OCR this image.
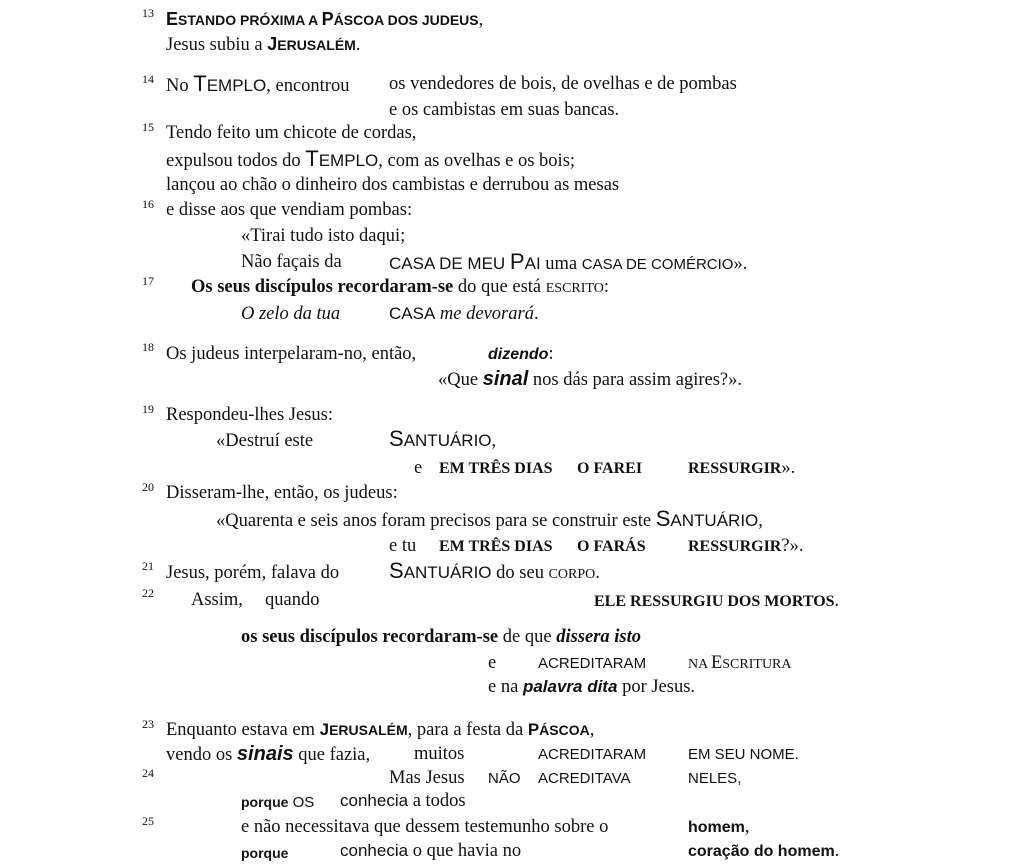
13 ESTANDO PRÓXIMA A PÁSCOA DOS JUDEUS,
Jesus subiu a JERUSALÉM.
14 No TEMPLO, encontrou os vendedores de bois, de ovelhas e de pombas
e os cambistas em suas bancas.
15 Tendo feito um chicote de cordas,
expulsou todos do TEMPLO, com as ovelhas e os bois;
lançou ao chão o dinheiro dos cambistas e derrubou as mesas
16 e disse aos que vendiam pombas:
«Tirai tudo isto daqui;
Não façais da	CASA DE MEU PAI uma CASA DE COMÉRCIO».
17 Os seus discípulos recordaram-se do que está ESCRITO:
O zelo da tua	CASA me devorará.
18 Os judeus interpelaram-no, então,	dizendo:
«Que sinal nos dás para assim agires?».
19 Respondeu-lhes Jesus:
«Destruí este	SANTUÁRIO,
e EM TRÊS DIAS O FAREI	RESSURGIR».
20 Disseram-lhe, então, os judeus:
«Quarenta e seis anos foram precisos para se construir este SANTUÁRIO,
e tu EM TRÊS DIAS O FARÁS	RESSURGIR?».
21 Jesus, porém, falava do SANTUÁRIO do seu CORPO.
22 Assim, quando	ELE RESSURGIU DOS MORTOS.
os seus discípulos recordaram-se de que dissera isto
e	ACREDITARAM	NA ESCRITURA
e na palavra dita por Jesus.
23 Enquanto estava em JERUSALÉM, para a festa da PÁSCOA,
vendo os sinais que fazia, muitos	ACREDITARAM	EM SEU NOME.
24	Mas Jesus NÃO ACREDITAVA	NELES,
porque OS conhecia a todos
25	e não necessitava que dessem testemunho sobre o	homem,
porque	conhecia o que havia no	coração do homem.
